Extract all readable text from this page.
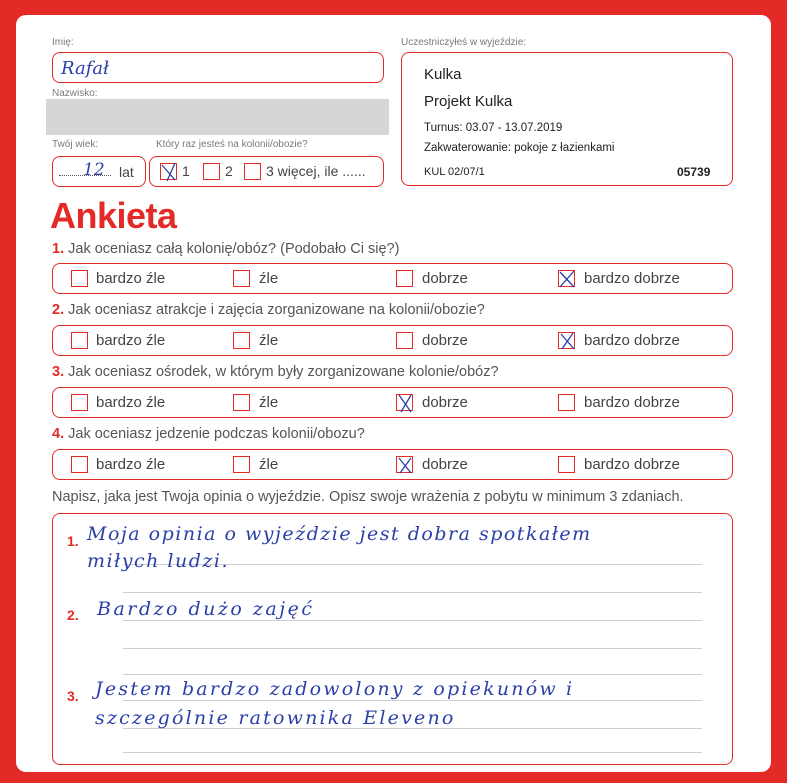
Imię:
Rafał
Nazwisko:
Twój wiek:
12 lat
Który raz jesteś na kolonii/obozie?
1	2 3 więcej, ile ......
Uczestniczyłeś w wyjeździe:
Kulka
Projekt Kulka
Turnus: 03.07 - 13.07.2019
Zakwaterowanie: pokoje z łazienkami
KUL 02/07/1	05739
Ankieta
1. Jak oceniasz całą kolonię/obóz? (Podobało Ci się?)
bardzo źle	źle	dobrze	bardzo dobrze
2. Jak oceniasz atrakcje i zajęcia zorganizowane na kolonii/obozie?
bardzo źle	źle	dobrze	bardzo dobrze
3. Jak oceniasz ośrodek, w którym były zorganizowane kolonie/obóz?
bardzo źle	źle	dobrze	bardzo dobrze
4. Jak oceniasz jedzenie podczas kolonii/obozu?
bardzo źle	źle	dobrze	bardzo dobrze
Napisz, jaka jest Twoja opinia o wyjeździe. Opisz swoje wrażenia z pobytu w minimum 3 zdaniach.
1. Moja opinia o wyjeździe jest dobra spotkałem
miłych ludzi.
2. Bardzo dużo zajęć
3. Jestem bardzo zadowolony z opiekunów i
szczególnie ratownika Eleveno
